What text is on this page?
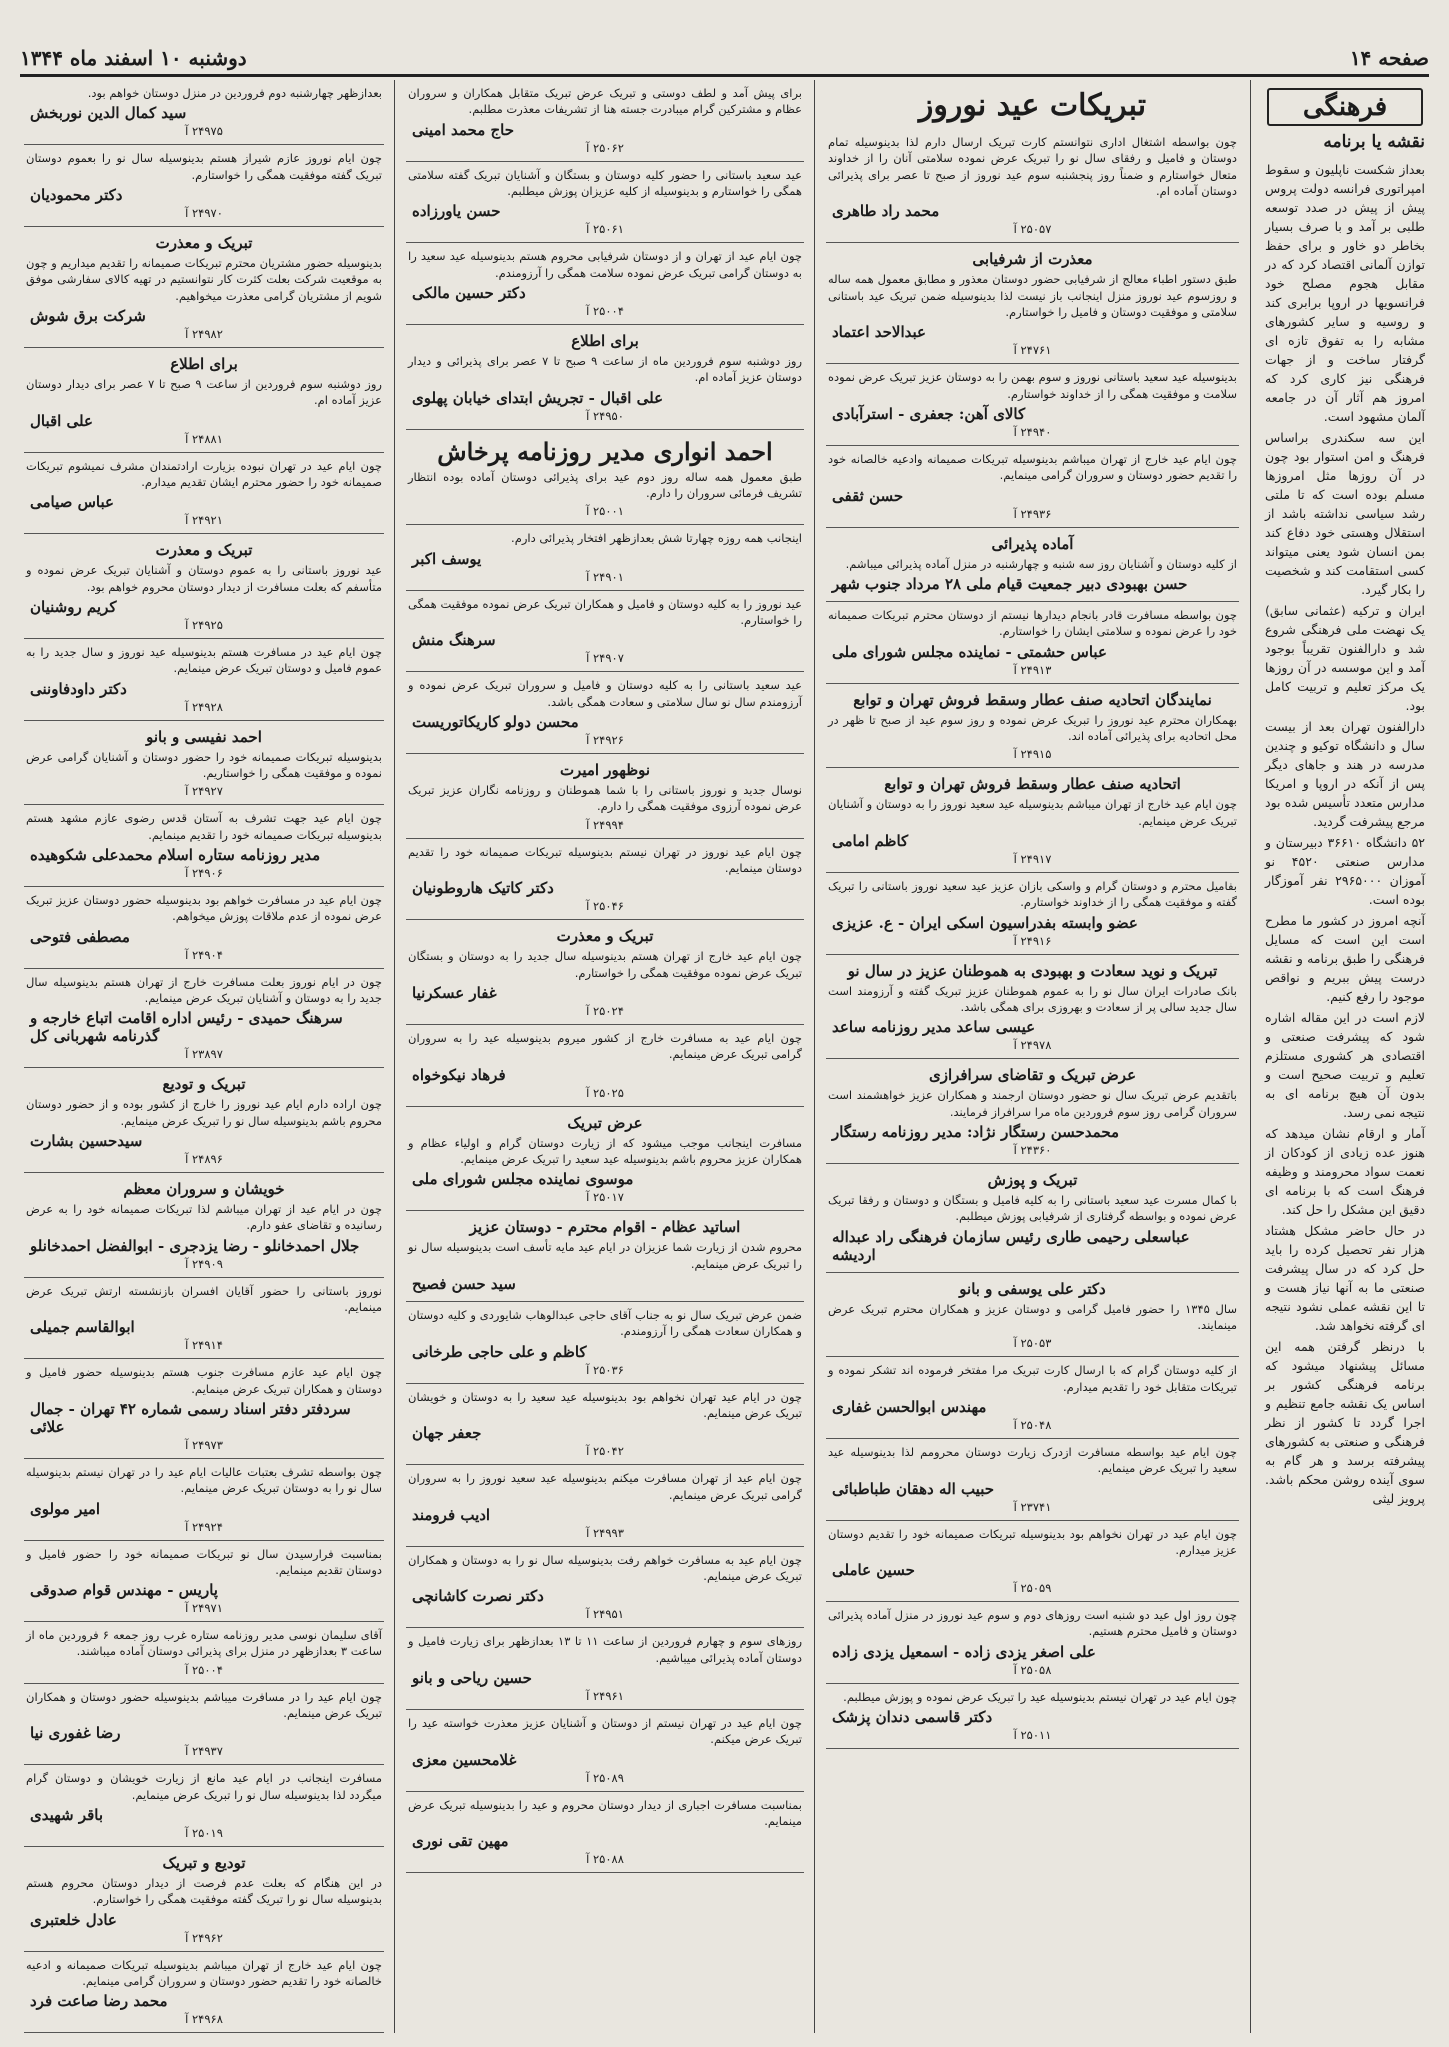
صفحه ۱۴
دوشنبه ۱۰ اسفند ماه ۱۳۴۴
فرهنگی
نقشه یا برنامه

بعداز شکست ناپلیون و سقوط امپراتوری فرانسه دولت پروس پیش از پیش در صدد توسعه طلبی بر آمد و با صرف بسیار بخاطر دو خاور و برای حفظ توازن آلمانی اقتصاد کرد که در مقابل هجوم مصلح خود فرانسویها در اروپا برابری کند و روسیه و سایر کشورهای مشابه را به تفوق تازه ای گرفتار ساخت و از جهات فرهنگی نیز کاری کرد که امروز هم آثار آن در جامعه آلمان مشهود است.

این سه سکندری براساس فرهنگ و امن استوار بود چون در آن روزها مثل امروزها مسلم بوده است که تا ملتی رشد سیاسی نداشته باشد از استقلال وهستی خود دفاع کند بمن انسان شود یعنی میتواند کسی استقامت کند و شخصیت را بکار گیرد.

ایران و ترکیه (عثمانی سابق) یک نهضت ملی فرهنگی شروع شد و دارالفنون تقریباً بوجود آمد و این موسسه در آن روزها یک مرکز تعلیم و تربیت کامل بود.

دارالفنون تهران بعد از بیست سال و دانشگاه توکیو و چندین مدرسه در هند و جاهای دیگر پس از آنکه در اروپا و امریکا مدارس متعدد تأسیس شده بود مرجع پیشرفت گردید.

۵۲ دانشگاه ۳۶۶۱۰ دبیرستان و مدارس صنعتی ۴۵۲۰ نو آموزان ۲۹۶۵۰۰۰ نفر آموزگار بوده است.

آنچه امروز در کشور ما مطرح است این است که مسایل فرهنگی را طبق برنامه و نقشه درست پیش ببریم و نواقص موجود را رفع کنیم.

لازم است در این مقاله اشاره شود که پیشرفت صنعتی و اقتصادی هر کشوری مستلزم تعلیم و تربیت صحیح است و بدون آن هیچ برنامه ای به نتیجه نمی رسد.

آمار و ارقام نشان میدهد که هنوز عده زیادی از کودکان از نعمت سواد محرومند و وظیفه فرهنگ است که با برنامه ای دقیق این مشکل را حل کند.

در حال حاضر مشکل هشتاد هزار نفر تحصیل کرده را باید حل کرد که در سال پیشرفت صنعتی ما به آنها نیاز هست و تا این نقشه عملی نشود نتیجه ای گرفته نخواهد شد.

با درنظر گرفتن همه این مسائل پیشنهاد میشود که برنامه فرهنگی کشور بر اساس یک نقشه جامع تنظیم و اجرا گردد تا کشور از نظر فرهنگی و صنعتی به کشورهای پیشرفته برسد و هر گام به سوی آینده روشن محکم باشد. پرویز لیثی

تبریکات عید نوروز

چون بواسطه اشتغال اداری نتوانستم کارت تبریک ارسال دارم لذا بدینوسیله تمام دوستان و فامیل و رفقای سال نو را تبریک عرض نموده سلامتی آنان را از خداوند متعال خواستارم و ضمناً روز پنجشنبه سوم عید نوروز از صبح تا عصر برای پذیرائی دوستان آماده ام.

محمد راد طاهری
۲۵۰۵۷ آ
معذرت از شرفیابی

طبق دستور اطباء معالج از شرفیابی حضور دوستان معذور و مطابق معمول همه ساله و روزسوم عید نوروز منزل اینجانب باز نیست لذا بدینوسیله ضمن تبریک عید باستانی سلامتی و موفقیت دوستان و فامیل را خواستارم.

عبدالاحد اعتماد
۲۴۷۶۱ آ

بدینوسیله عید سعید باستانی نوروز و سوم بهمن را به دوستان عزیز تبریک عرض نموده سلامت و موفقیت همگی را از خداوند خواستارم.

کالای آهن: جعفری - استرآبادی
۲۴۹۴۰ آ

چون ایام عید خارج از تهران میباشم بدینوسیله تبریکات صمیمانه وادعیه خالصانه خود را تقدیم حضور دوستان و سروران گرامی مینمایم.

حسن ثقفی
۲۴۹۳۶ آ
آماده پذیرائی

از کلیه دوستان و آشنایان روز سه شنبه و چهارشنبه در منزل آماده پذیرائی میباشم.

حسن بهبودی دبیر جمعیت قیام ملی ۲۸ مرداد جنوب شهر

چون بواسطه مسافرت قادر بانجام دیدارها نیستم از دوستان محترم تبریکات صمیمانه خود را عرض نموده و سلامتی ایشان را خواستارم.

عباس حشمتی - نماینده مجلس شورای ملی
۲۴۹۱۳ آ
نمایندگان اتحادیه صنف عطار وسقط فروش تهران و توابع

بهمکاران محترم عید نوروز را تبریک عرض نموده و روز سوم عید از صبح تا ظهر در محل اتحادیه برای پذیرائی آماده اند.

۲۴۹۱۵ آ
اتحادیه صنف عطار وسقط فروش تهران و توابع

چون ایام عید خارج از تهران میباشم بدینوسیله عید سعید نوروز را به دوستان و آشنایان تبریک عرض مینمایم.

کاظم امامی
۲۴۹۱۷ آ

بفامیل محترم و دوستان گرام و واسکی بازان عزیز عید سعید نوروز باستانی را تبریک گفته و موفقیت همگی را از خداوند خواستارم.

عضو وابسته بفدراسیون اسکی ایران - ع. عزیزی
۲۴۹۱۶ آ
تبریک و نوید سعادت و بهبودی به هموطنان عزیز در سال نو

بانک صادرات ایران سال نو را به عموم هموطنان عزیز تبریک گفته و آرزومند است سال جدید سالی پر از سعادت و بهروزی برای همگی باشد.

عیسی ساعد مدیر روزنامه ساعد
۲۴۹۷۸ آ
عرض تبریک و تقاضای سرافرازی

باتقدیم عرض تبریک سال نو حضور دوستان ارجمند و همکاران عزیز خواهشمند است سروران گرامی روز سوم فروردین ماه مرا سرافراز فرمایند.

محمدحسن رستگار نژاد: مدیر روزنامه رستگار
۲۴۳۶۰ آ
تبریک و پوزش

با کمال مسرت عید سعید باستانی را به کلیه فامیل و بستگان و دوستان و رفقا تبریک عرض نموده و بواسطه گرفتاری از شرفیابی پوزش میطلبم.

عباسعلی رحیمی طاری رئیس سازمان فرهنگی راد عبداله اردیشه
دکتر علی یوسفی و بانو

سال ۱۳۴۵ را حضور فامیل گرامی و دوستان عزیز و همکاران محترم تبریک عرض مینمایند.

۲۵۰۵۳ آ

از کلیه دوستان گرام که با ارسال کارت تبریک مرا مفتخر فرموده اند تشکر نموده و تبریکات متقابل خود را تقدیم میدارم.

مهندس ابوالحسن غفاری
۲۵۰۴۸ آ

چون ایام عید بواسطه مسافرت ازدرک زیارت دوستان محرومم لذا بدینوسیله عید سعید را تبریک عرض مینمایم.

حبیب اله دهقان طباطبائی
۲۳۷۴۱ آ

چون ایام عید در تهران نخواهم بود بدینوسیله تبریکات صمیمانه خود را تقدیم دوستان عزیز میدارم.

حسین عاملی
۲۵۰۵۹ آ

چون روز اول عید دو شنبه است روزهای دوم و سوم عید نوروز در منزل آماده پذیرائی دوستان و فامیل محترم هستیم.

علی اصغر یزدی زاده - اسمعیل یزدی زاده
۲۵۰۵۸ آ

چون ایام عید در تهران نیستم بدینوسیله عید را تبریک عرض نموده و پوزش میطلبم.

دکتر قاسمی دندان پزشک
۲۵۰۱۱ آ

برای پیش آمد و لطف دوستی و تبریک عرض تبریک متقابل همکاران و سروران عظام و مشترکین گرام میبادرت جسته هنا از تشریفات معذرت مطلبم.

حاج محمد امینی
۲۵۰۶۲ آ

عید سعید باستانی را حضور کلیه دوستان و بستگان و آشنایان تبریک گفته سلامتی همگی را خواستارم و بدینوسیله از کلیه عزیزان پوزش میطلبم.

حسن یاورزاده
۲۵۰۶۱ آ

چون ایام عید از تهران و از دوستان شرفیابی محروم هستم بدینوسیله عید سعید را به دوستان گرامی تبریک عرض نموده سلامت همگی را آرزومندم.

دکتر حسین مالکی
۲۵۰۰۴ آ
برای اطلاع

روز دوشنبه سوم فروردین ماه از ساعت ۹ صبح تا ۷ عصر برای پذیرائی و دیدار دوستان عزیز آماده ام.

علی اقبال - تجریش ابتدای خیابان پهلوی
۲۴۹۵۰ آ
احمد انواری مدیر روزنامه پرخاش

طبق معمول همه ساله روز دوم عید برای پذیرائی دوستان آماده بوده انتظار تشریف فرمائی سروران را دارم.

۲۵۰۰۱ آ

اینجانب همه روزه چهارتا شش بعدازظهر افتخار پذیرائی دارم.

یوسف اکبر
۲۴۹۰۱ آ

عید نوروز را به کلیه دوستان و فامیل و همکاران تبریک عرض نموده موفقیت همگی را خواستارم.

سرهنگ منش
۲۴۹۰۷ آ

عید سعید باستانی را به کلیه دوستان و فامیل و سروران تبریک عرض نموده و آرزومندم سال نو سال سلامتی و سعادت همگی باشد.

محسن دولو کاریکاتوریست
۲۴۹۲۶ آ
نوظهور امیرت

نوسال جدید و نوروز باستانی را با شما هموطنان و روزنامه نگاران عزیز تبریک عرض نموده آرزوی موفقیت همگی را دارم.

۲۴۹۹۴ آ

چون ایام عید نوروز در تهران نیستم بدینوسیله تبریکات صمیمانه خود را تقدیم دوستان مینمایم.

دکتر کاتیک هاروطونیان
۲۵۰۴۶ آ
تبریک و معذرت

چون ایام عید خارج از تهران هستم بدینوسیله سال جدید را به دوستان و بستگان تبریک عرض نموده موفقیت همگی را خواستارم.

غفار عسکرنیا
۲۵۰۲۴ آ

چون ایام عید به مسافرت خارج از کشور میروم بدینوسیله عید را به سروران گرامی تبریک عرض مینمایم.

فرهاد نیکوخواه
۲۵۰۲۵ آ
عرض تبریک

مسافرت اینجانب موجب میشود که از زیارت دوستان گرام و اولیاء عظام و همکاران عزیز محروم باشم بدینوسیله عید سعید را تبریک عرض مینمایم.

موسوی نماینده مجلس شورای ملی
۲۵۰۱۷ آ
اساتید عظام - اقوام محترم - دوستان عزیز

محروم شدن از زیارت شما عزیزان در ایام عید مایه تأسف است بدینوسیله سال نو را تبریک عرض مینمایم.

سید حسن فصیح

ضمن عرض تبریک سال نو به جناب آقای حاجی عبدالوهاب شایوردی و کلیه دوستان و همکاران سعادت همگی را آرزومندم.

کاظم و علی حاجی طرخانی
۲۵۰۳۶ آ

چون در ایام عید تهران نخواهم بود بدینوسیله عید سعید را به دوستان و خویشان تبریک عرض مینمایم.

جعفر جهان
۲۵۰۴۲ آ

چون ایام عید از تهران مسافرت میکنم بدینوسیله عید سعید نوروز را به سروران گرامی تبریک عرض مینمایم.

ادیب فرومند
۲۴۹۹۳ آ

چون ایام عید به مسافرت خواهم رفت بدینوسیله سال نو را به دوستان و همکاران تبریک عرض مینمایم.

دکتر نصرت کاشانچی
۲۴۹۵۱ آ

روزهای سوم و چهارم فروردین از ساعت ۱۱ تا ۱۳ بعدازظهر برای زیارت فامیل و دوستان آماده پذیرائی میباشیم.

حسین ریاحی و بانو
۲۴۹۶۱ آ

چون ایام عید در تهران نیستم از دوستان و آشنایان عزیز معذرت خواسته عید را تبریک عرض میکنم.

غلامحسین معزی
۲۵۰۸۹ آ

بمناسبت مسافرت اجباری از دیدار دوستان محروم و عید را بدینوسیله تبریک عرض مینمایم.

مهین تقی نوری
۲۵۰۸۸ آ

بعدازظهر چهارشنبه دوم فروردین در منزل دوستان خواهم بود.

سید کمال الدین نوربخش
۲۴۹۷۵ آ

چون ایام نوروز عازم شیراز هستم بدینوسیله سال نو را بعموم دوستان تبریک گفته موفقیت همگی را خواستارم.

دکتر محمودیان
۲۴۹۷۰ آ
تبریک و معذرت

بدینوسیله حضور مشتریان محترم تبریکات صمیمانه را تقدیم میداریم و چون به موقعیت شرکت بعلت کثرت کار نتوانستیم در تهیه کالای سفارشی موفق شویم از مشتریان گرامی معذرت میخواهیم.

شرکت برق شوش
۲۴۹۸۲ آ
برای اطلاع

روز دوشنبه سوم فروردین از ساعت ۹ صبح تا ۷ عصر برای دیدار دوستان عزیز آماده ام.

علی اقبال
۲۴۸۸۱ آ

چون ایام عید در تهران نبوده بزیارت ارادتمندان مشرف نمیشوم تبریکات صمیمانه خود را حضور محترم ایشان تقدیم میدارم.

عباس صیامی
۲۴۹۲۱ آ
تبریک و معذرت

عید نوروز باستانی را به عموم دوستان و آشنایان تبریک عرض نموده و متأسفم که بعلت مسافرت از دیدار دوستان محروم خواهم بود.

کریم روشنیان
۲۴۹۲۵ آ

چون ایام عید در مسافرت هستم بدینوسیله عید نوروز و سال جدید را به عموم فامیل و دوستان تبریک عرض مینمایم.

دکتر داودفاوننی
۲۴۹۲۸ آ
احمد نفیسی و بانو

بدینوسیله تبریکات صمیمانه خود را حضور دوستان و آشنایان گرامی عرض نموده و موفقیت همگی را خواستاریم.

۲۴۹۲۷ آ

چون ایام عید جهت تشرف به آستان قدس رضوی عازم مشهد هستم بدینوسیله تبریکات صمیمانه خود را تقدیم مینمایم.

مدیر روزنامه ستاره اسلام محمدعلی شکوهیده
۲۴۹۰۶ آ

چون ایام عید در مسافرت خواهم بود بدینوسیله حضور دوستان عزیز تبریک عرض نموده از عدم ملاقات پوزش میخواهم.

مصطفی فتوحی
۲۴۹۰۴ آ

چون در ایام نوروز بعلت مسافرت خارج از تهران هستم بدینوسیله سال جدید را به دوستان و آشنایان تبریک عرض مینمایم.

سرهنگ حمیدی - رئیس اداره اقامت اتباع خارجه و گذرنامه شهربانی کل
۲۳۸۹۷ آ
تبریک و تودیع

چون اراده دارم ایام عید نوروز را خارج از کشور بوده و از حضور دوستان محروم باشم بدینوسیله سال نو را تبریک عرض مینمایم.

سیدحسین بشارت
۲۴۸۹۶ آ
خویشان و سروران معظم

چون در ایام عید از تهران میباشم لذا تبریکات صمیمانه خود را به عرض رسانیده و تقاضای عفو دارم.

جلال احمدخانلو - رضا یزدجری - ابوالفضل احمدخانلو
۲۴۹۰۹ آ

نوروز باستانی را حضور آقایان افسران بازنشسته ارتش تبریک عرض مینمایم.

ابوالقاسم جمیلی
۲۴۹۱۴ آ

چون ایام عید عازم مسافرت جنوب هستم بدینوسیله حضور فامیل و دوستان و همکاران تبریک عرض مینمایم.

سردفتر دفتر اسناد رسمی شماره ۴۲ تهران - جمال علائی
۲۴۹۷۳ آ

چون بواسطه تشرف بعتبات عالیات ایام عید را در تهران نیستم بدینوسیله سال نو را به دوستان تبریک عرض مینمایم.

امیر مولوی
۲۴۹۲۴ آ

بمناسبت فرارسیدن سال نو تبریکات صمیمانه خود را حضور فامیل و دوستان تقدیم مینمایم.

پاریس - مهندس قوام صدوقی
۲۴۹۷۱ آ

آقای سلیمان نوسی مدیر روزنامه ستاره غرب روز جمعه ۶ فروردین ماه از ساعت ۳ بعدازظهر در منزل برای پذیرائی دوستان آماده میباشند.

۲۵۰۰۴ آ

چون ایام عید را در مسافرت میباشم بدینوسیله حضور دوستان و همکاران تبریک عرض مینمایم.

رضا غفوری نیا
۲۴۹۳۷ آ

مسافرت اینجانب در ایام عید مانع از زیارت خویشان و دوستان گرام میگردد لذا بدینوسیله سال نو را تبریک عرض مینمایم.

باقر شهیدی
۲۵۰۱۹ آ
تودیع و تبریک

در این هنگام که بعلت عدم فرصت از دیدار دوستان محروم هستم بدینوسیله سال نو را تبریک گفته موفقیت همگی را خواستارم.

عادل خلعتبری
۲۴۹۶۲ آ

چون ایام عید خارج از تهران میباشم بدینوسیله تبریکات صمیمانه و ادعیه خالصانه خود را تقدیم حضور دوستان و سروران گرامی مینمایم.

محمد رضا صاعت فرد
۲۴۹۶۸ آ
